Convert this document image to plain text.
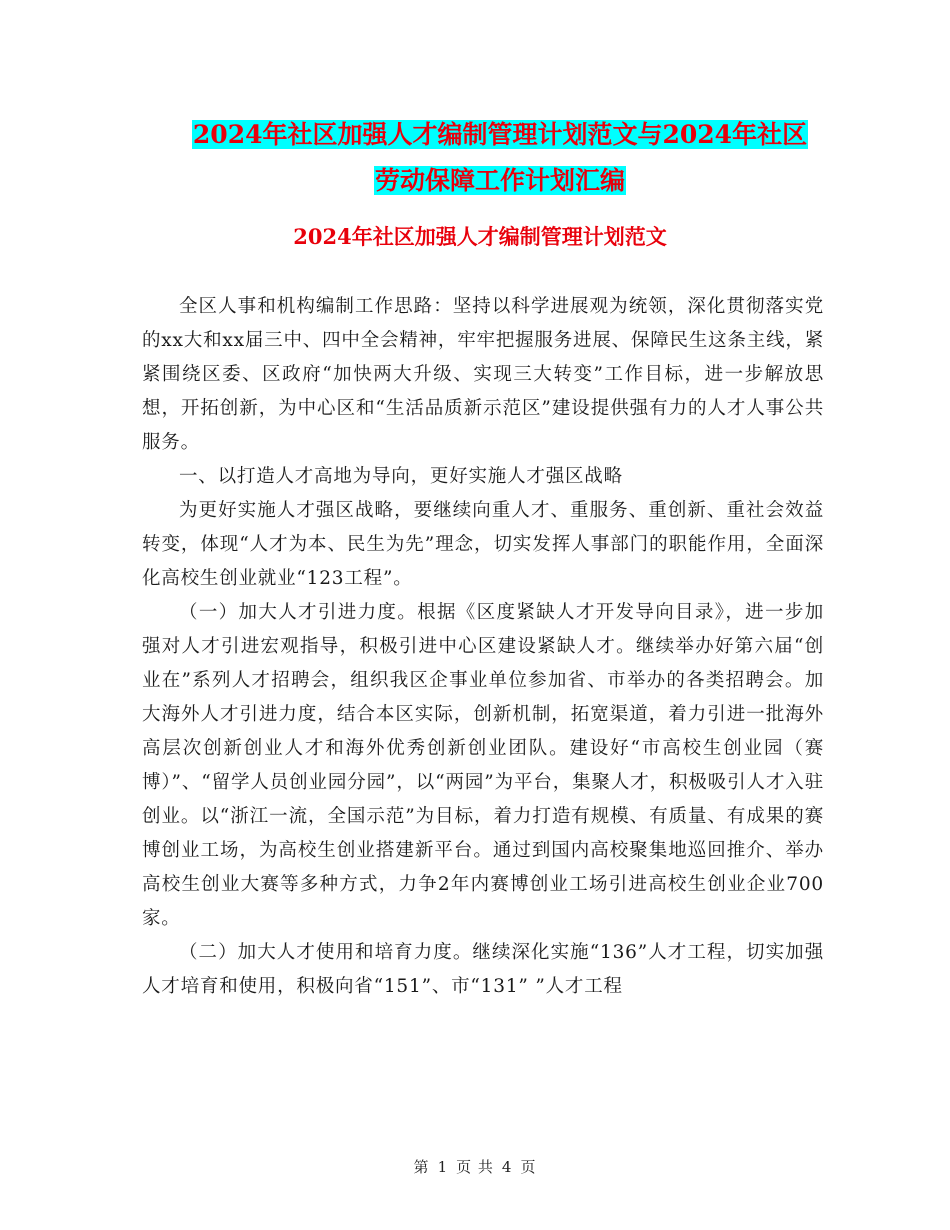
2024年社区加强人才编制管理计划范文与2024年社区
劳动保障工作计划汇编
2024年社区加强人才编制管理计划范文

全区人事和机构编制工作思路：坚持以科学进展观为统领，深化贯彻落实党的xx大和xx届三中、四中全会精神，牢牢把握服务进展、保障民生这条主线，紧紧围绕区委、区政府“加快两大升级、实现三大转变”工作目标，进一步解放思想，开拓创新，为中心区和“生活品质新示范区”建设提供强有力的人才人事公共服务。

一、以打造人才高地为导向，更好实施人才强区战略

为更好实施人才强区战略，要继续向重人才、重服务、重创新、重社会效益转变，体现“人才为本、民生为先”理念，切实发挥人事部门的职能作用，全面深化高校生创业就业“123工程”。

（一）加大人才引进力度。根据《区度紧缺人才开发导向目录》，进一步加强对人才引进宏观指导，积极引进中心区建设紧缺人才。继续举办好第六届“创业在”系列人才招聘会，组织我区企事业单位参加省、市举办的各类招聘会。加大海外人才引进力度，结合本区实际，创新机制，拓宽渠道，着力引进一批海外高层次创新创业人才和海外优秀创新创业团队。建设好“市高校生创业园（赛博）”、“留学人员创业园分园”，以“两园”为平台，集聚人才，积极吸引人才入驻创业。以“浙江一流，全国示范”为目标，着力打造有规模、有质量、有成果的赛博创业工场，为高校生创业搭建新平台。通过到国内高校聚集地巡回推介、举办高校生创业大赛等多种方式，力争2年内赛博创业工场引进高校生创业企业700家。

（二）加大人才使用和培育力度。继续深化实施“136”人才工程，切实加强人才培育和使用，积极向省“151”、市“131” ”人才工程

第 1 页 共 4 页
